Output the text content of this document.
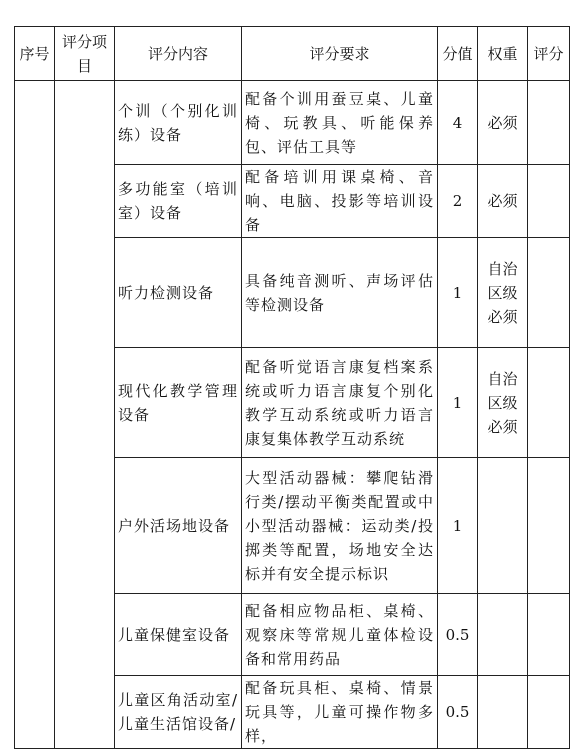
序号	评分项目	评分内容	评分要求	分值	权重	评分
		个训（个别化训练）设备	配备个训用蚕豆桌、儿童椅、玩教具、听能保养包、评估工具等	4	必须	
		多功能室（培训室）设备	配备培训用课桌椅、音响、电脑、投影等培训设备	2	必须	
		听力检测设备	具备纯音测听、声场评估等检测设备	1	自治区级必须	
		现代化教学管理设备	配备听觉语言康复档案系统或听力语言康复个别化教学互动系统或听力语言康复集体教学互动系统	1	自治区级必须	
		户外活场地设备	大型活动器械：攀爬钻滑行类/摆动平衡类配置或中小型活动器械：运动类/投掷类等配置，场地安全达标并有安全提示标识	1		
		儿童保健室设备	配备相应物品柜、桌椅、观察床等常规儿童体检设备和常用药品	0.5		
		儿童区角活动室/儿童生活馆设备/	配备玩具柜、桌椅、情景玩具等，儿童可操作物多样，	0.5		
